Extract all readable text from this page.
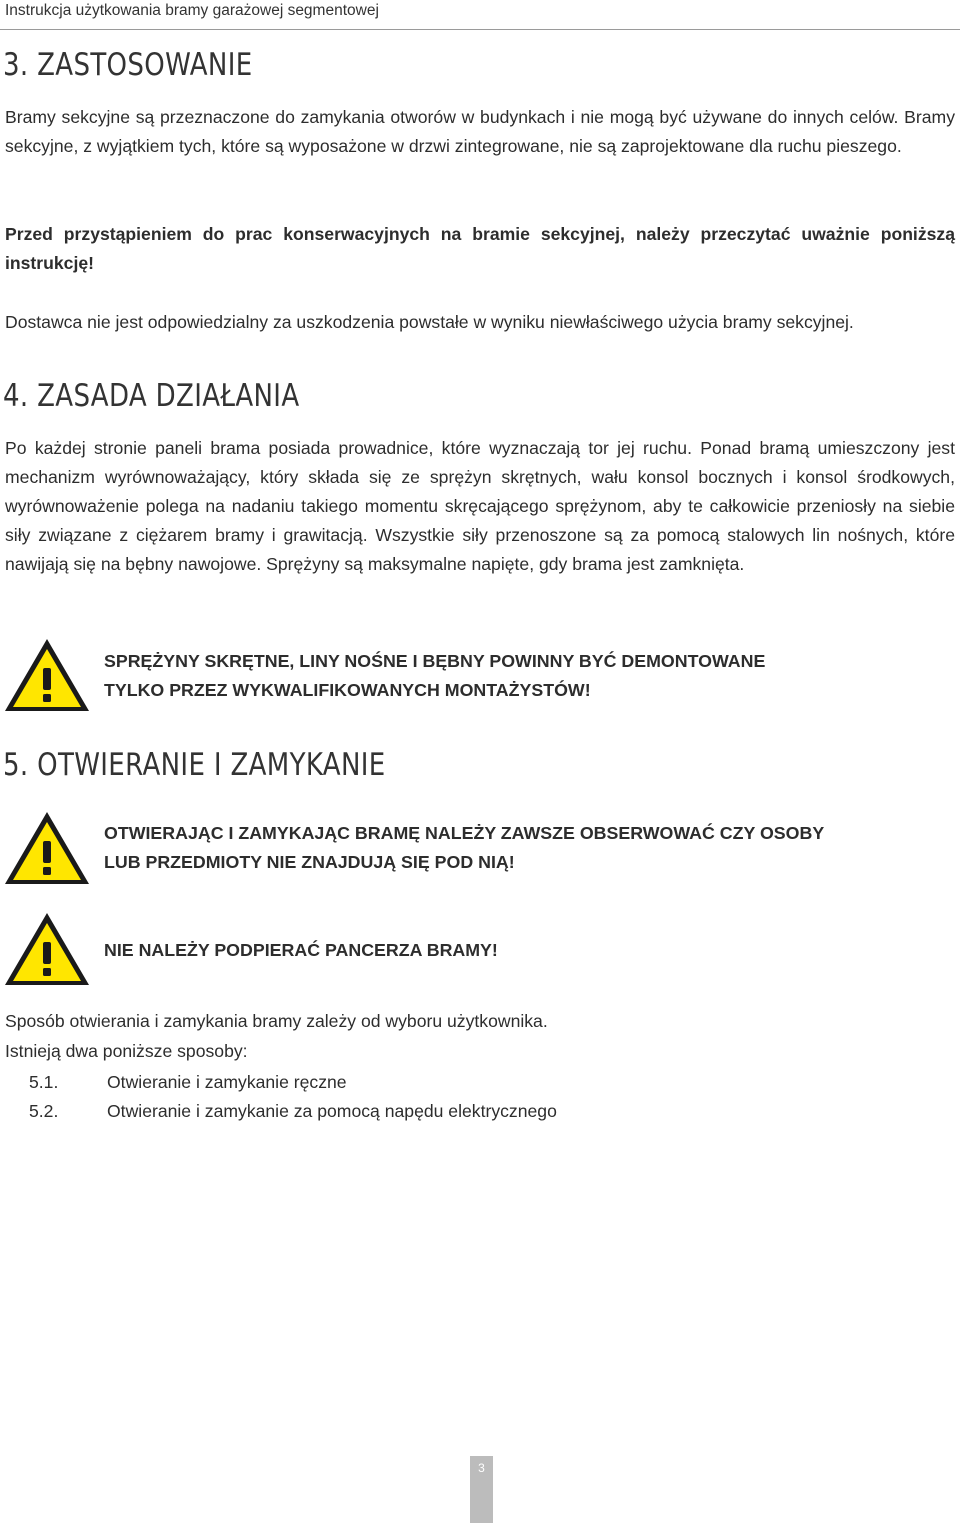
Instrukcja użytkowania bramy garażowej segmentowej
3. ZASTOSOWANIE

Bramy sekcyjne są przeznaczone do zamykania otworów w budynkach i nie mogą być używane do innych celów. Bramy sekcyjne, z wyjątkiem tych, które są wyposażone w drzwi zintegrowane, nie są zaprojektowane dla ruchu pieszego.

Przed przystąpieniem do prac konserwacyjnych na bramie sekcyjnej, należy przeczytać uważnie poniższą instrukcję!

Dostawca nie jest odpowiedzialny za uszkodzenia powstałe w wyniku niewłaściwego użycia bramy sekcyjnej.

4. ZASADA DZIAŁANIA

Po każdej stronie paneli brama posiada prowadnice, które wyznaczają tor jej ruchu. Ponad bramą umieszczony jest mechanizm wyrównoważający, który składa się ze sprężyn skrętnych, wału konsol bocznych i konsol środkowych, wyrównoważenie polega na nadaniu takiego momentu skręcającego sprężynom, aby te całkowicie przeniosły na siebie siły związane z ciężarem bramy i grawitacją. Wszystkie siły przenoszone są za pomocą stalowych lin nośnych, które nawijają się na bębny nawojowe. Sprężyny są maksymalne napięte, gdy brama jest zamknięta.

SPRĘŻYNY SKRĘTNE, LINY NOŚNE I BĘBNY POWINNY BYĆ DEMONTOWANE

TYLKO PRZEZ WYKWALIFIKOWANYCH MONTAŻYSTÓW!

5. OTWIERANIE I ZAMYKANIE

OTWIERAJĄC I ZAMYKAJĄC BRAMĘ NALEŻY ZAWSZE OBSERWOWAĆ CZY OSOBY

LUB PRZEDMIOTY NIE ZNAJDUJĄ SIĘ POD NIĄ!

NIE NALEŻY PODPIERAĆ PANCERZA BRAMY!

Sposób otwierania i zamykania bramy zależy od wyboru użytkownika.

Istnieją dwa poniższe sposoby:

5.1.	Otwieranie i zamykanie ręczne
5.2.	Otwieranie i zamykanie za pomocą napędu elektrycznego
3
